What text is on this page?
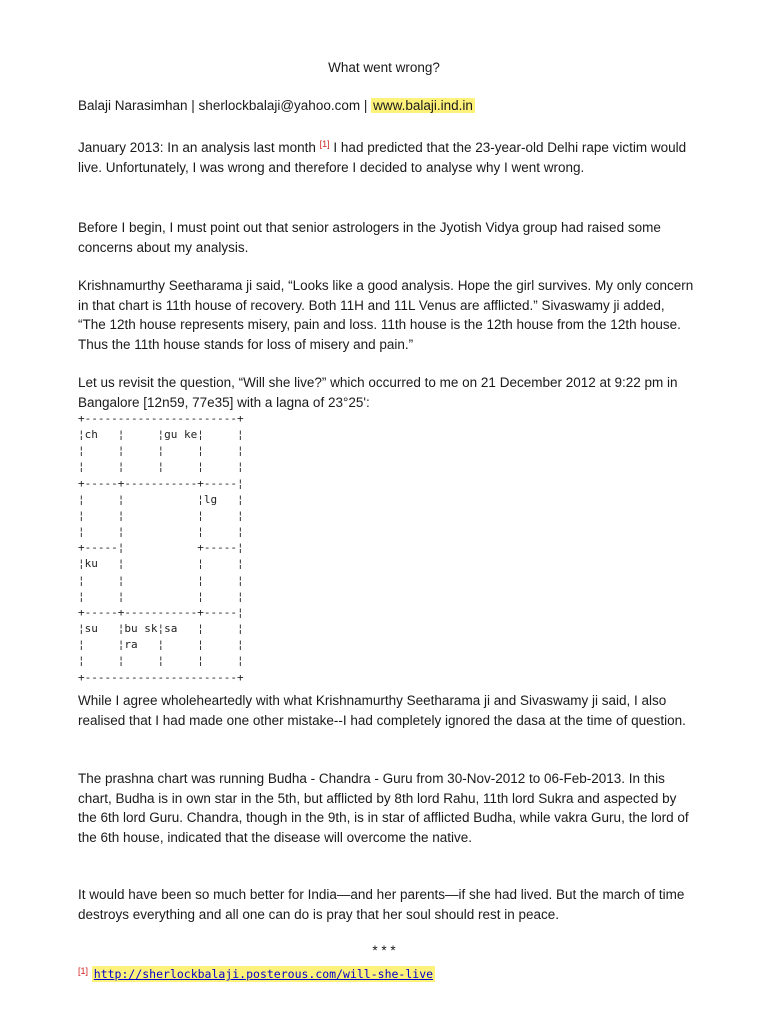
What went wrong?
Balaji Narasimhan | sherlockbalaji@yahoo.com | www.balaji.ind.in

January 2013: In an analysis last month [1] I had predicted that the 23-year-old Delhi rape victim would live. Unfortunately, I was wrong and therefore I decided to analyse why I went wrong.

Before I begin, I must point out that senior astrologers in the Jyotish Vidya group had raised some concerns about my analysis.

Krishnamurthy Seetharama ji said, “Looks like a good analysis. Hope the girl survives. My only concern in that chart is 11th house of recovery. Both 11H and 11L Venus are afflicted.” Sivaswamy ji added, “The 12th house represents misery, pain and loss. 11th house is the 12th house from the 12th house. Thus the 11th house stands for loss of misery and pain.”

Let us revisit the question, “Will she live?” which occurred to me on 21 December 2012 at 9:22 pm in Bangalore [12n59, 77e35] with a lagna of 23°25':

+-----------------------+
¦ch   ¦     ¦gu ke¦     ¦
¦     ¦     ¦     ¦     ¦
¦     ¦     ¦     ¦     ¦
+-----+-----------+-----¦
¦     ¦           ¦lg   ¦
¦     ¦           ¦     ¦
¦     ¦           ¦     ¦
+-----¦           +-----¦
¦ku   ¦           ¦     ¦
¦     ¦           ¦     ¦
¦     ¦           ¦     ¦
+-----+-----------+-----¦
¦su   ¦bu sk¦sa   ¦     ¦
¦     ¦ra   ¦     ¦     ¦
¦     ¦     ¦     ¦     ¦
+-----------------------+

While I agree wholeheartedly with what Krishnamurthy Seetharama ji and Sivaswamy ji said, I also realised that I had made one other mistake--I had completely ignored the dasa at the time of question.

The prashna chart was running Budha - Chandra - Guru from 30-Nov-2012 to 06-Feb-2013. In this chart, Budha is in own star in the 5th, but afflicted by 8th lord Rahu, 11th lord Sukra and aspected by the 6th lord Guru. Chandra, though in the 9th, is in star of afflicted Budha, while vakra Guru, the lord of the 6th house, indicated that the disease will overcome the native.

It would have been so much better for India—and her parents—if she had lived. But the march of time destroys everything and all one can do is pray that her soul should rest in peace.

* * *
[1] http://sherlockbalaji.posterous.com/will-she-live
